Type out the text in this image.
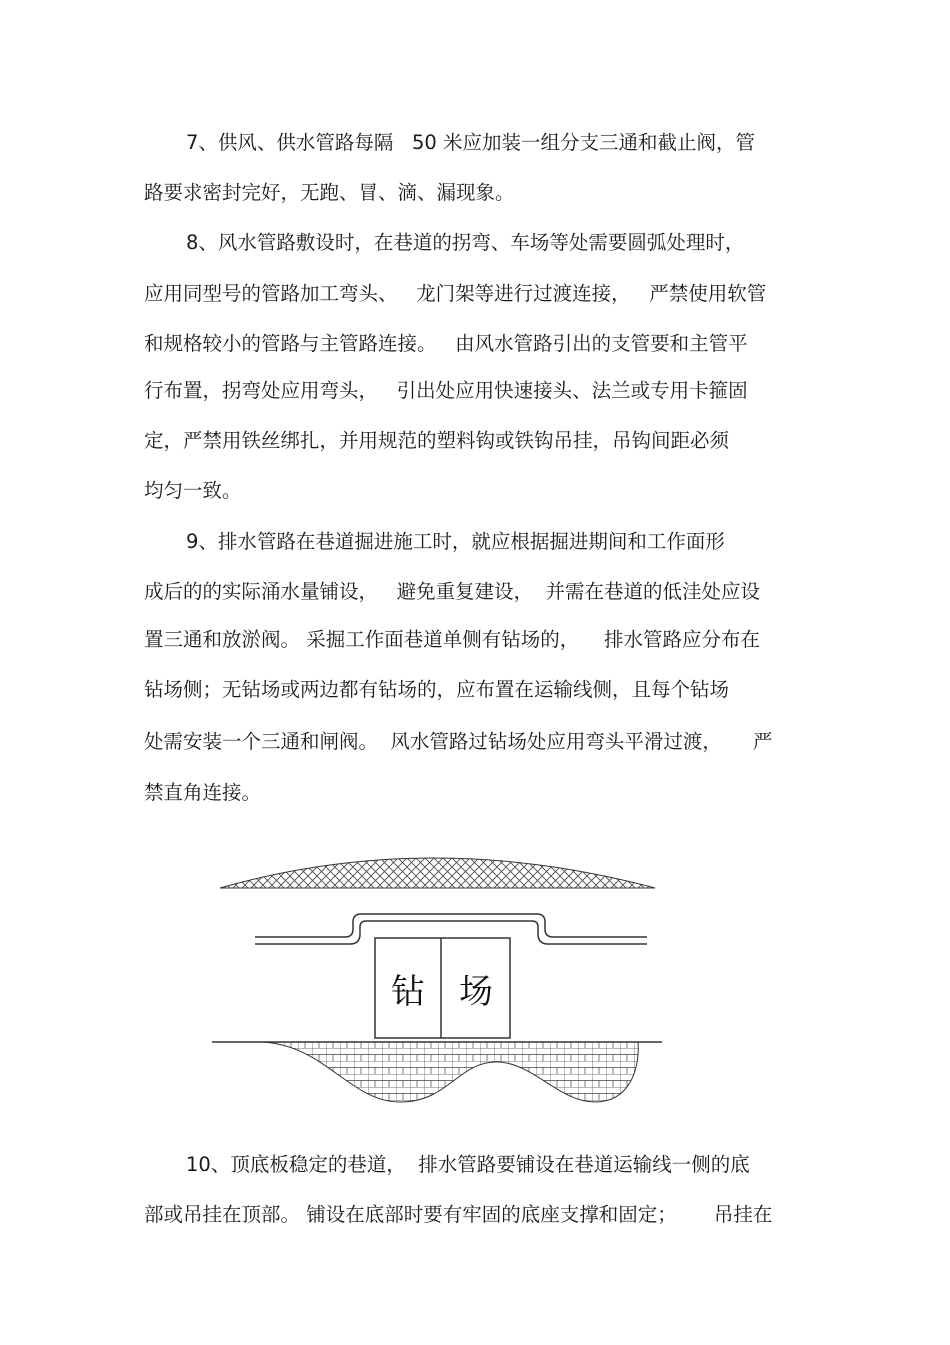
7、供风、供水管路每隔   50 米应加装一组分支三通和截止阀，管
路要求密封完好，无跑、冒、滴、漏现象。
8、风水管路敷设时，在巷道的拐弯、车场等处需要圆弧处理时，
应用同型号的管路加工弯头、   龙门架等进行过渡连接，   严禁使用软管
和规格较小的管路与主管路连接。   由风水管路引出的支管要和主管平
行布置，拐弯处应用弯头，   引出处应用快速接头、法兰或专用卡箍固
定，严禁用铁丝绑扎，并用规范的塑料钩或铁钩吊挂，吊钩间距必须
均匀一致。
9、排水管路在巷道掘进施工时，就应根据掘进期间和工作面形
成后的的实际涌水量铺设，   避免重复建设，  并需在巷道的低洼处应设
置三通和放淤阀。 采掘工作面巷道单侧有钻场的，    排水管路应分布在
钻场侧；无钻场或两边都有钻场的，应布置在运输线侧，且每个钻场
处需安装一个三通和闸阀。  风水管路过钻场处应用弯头平滑过渡，     严
禁直角连接。
10、顶底板稳定的巷道，  排水管路要铺设在巷道运输线一侧的底
部或吊挂在顶部。 铺设在底部时要有牢固的底座支撑和固定；      吊挂在
钻 场
